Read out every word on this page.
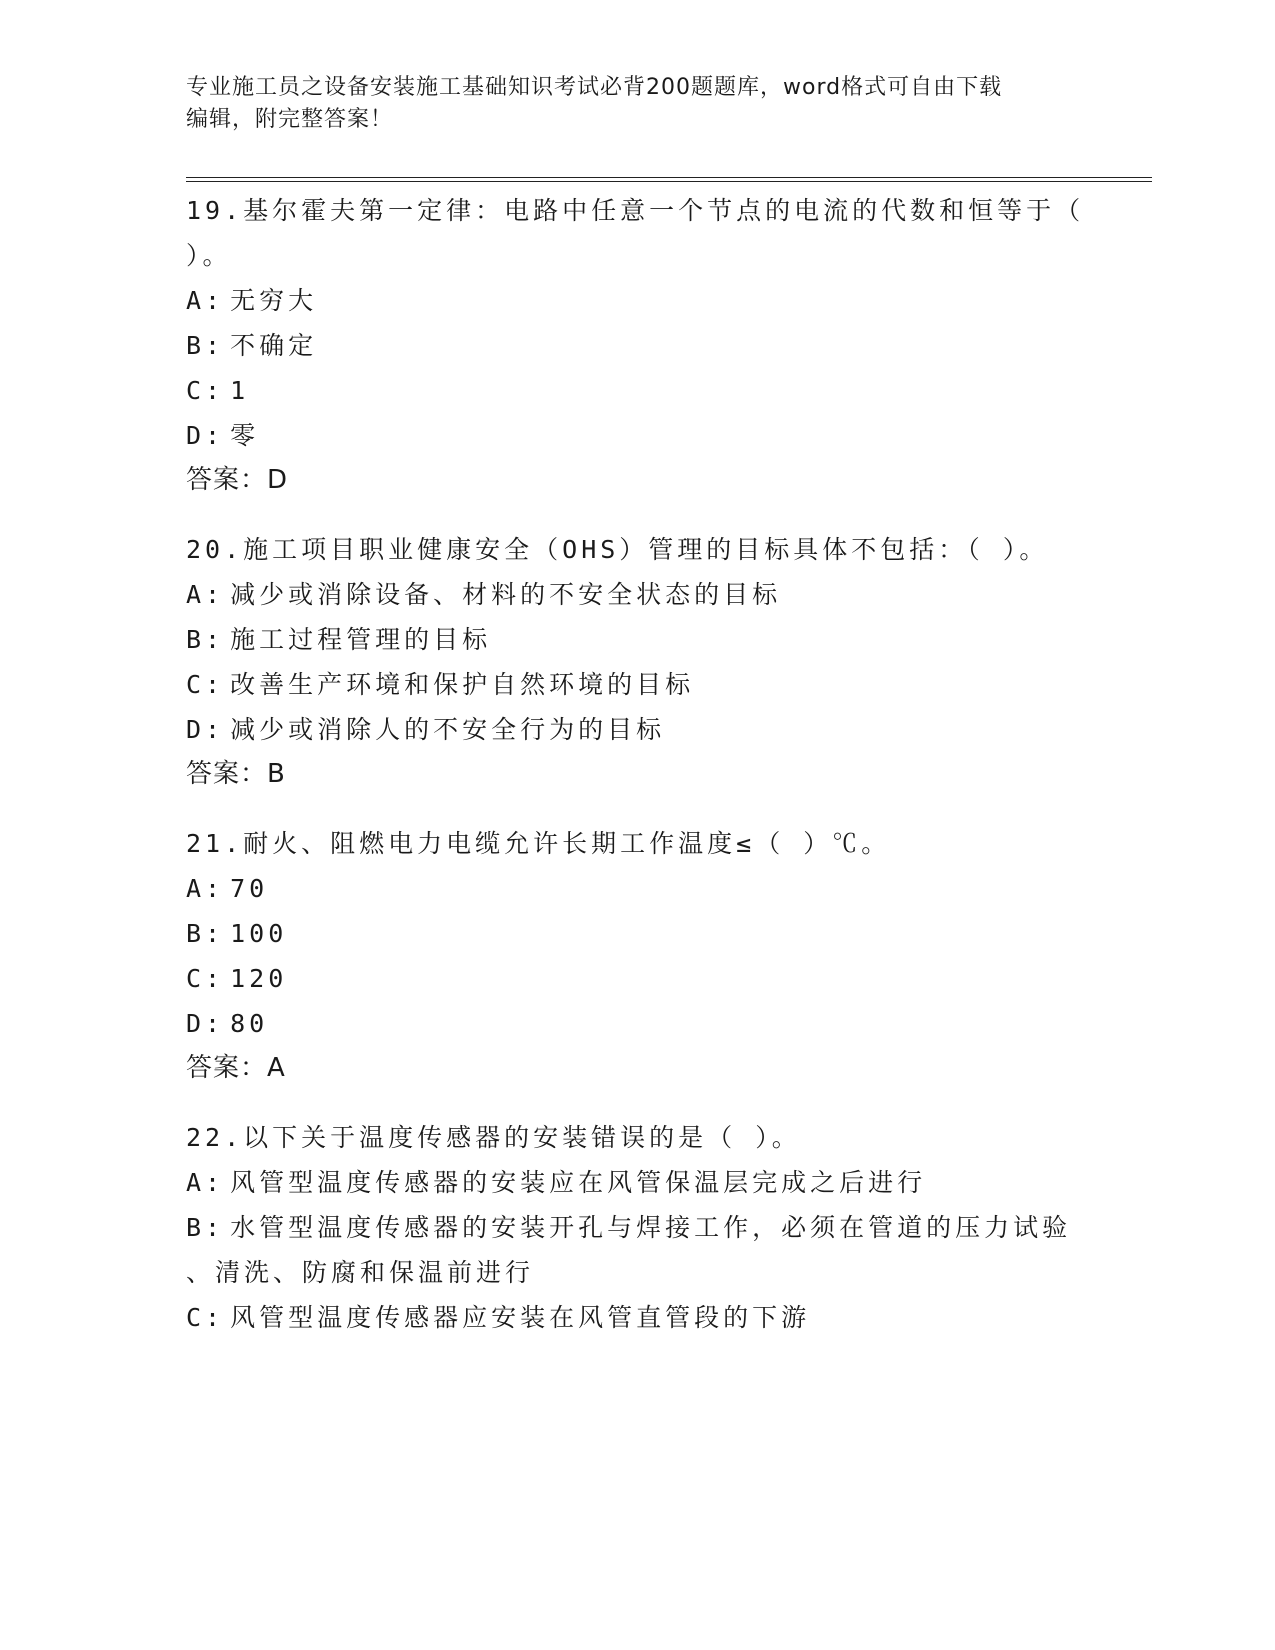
专业施工员之设备安装施工基础知识考试必背200题题库，word格式可自由下载
编辑，附完整答案！
19.基尔霍夫第一定律：电路中任意一个节点的电流的代数和恒等于（
）。
A: 无穷大
B: 不确定
C: 1
D: 零
答案：D
20.施工项目职业健康安全（OHS）管理的目标具体不包括：（ ）。
A: 减少或消除设备、材料的不安全状态的目标
B: 施工过程管理的目标
C: 改善生产环境和保护自然环境的目标
D: 减少或消除人的不安全行为的目标
答案：B
21.耐火、阻燃电力电缆允许长期工作温度≤（ ）℃。
A: 70
B: 100
C: 120
D: 80
答案：A
22.以下关于温度传感器的安装错误的是（ ）。
A: 风管型温度传感器的安装应在风管保温层完成之后进行
B: 水管型温度传感器的安装开孔与焊接工作，必须在管道的压力试验
、清洗、防腐和保温前进行
C: 风管型温度传感器应安装在风管直管段的下游
